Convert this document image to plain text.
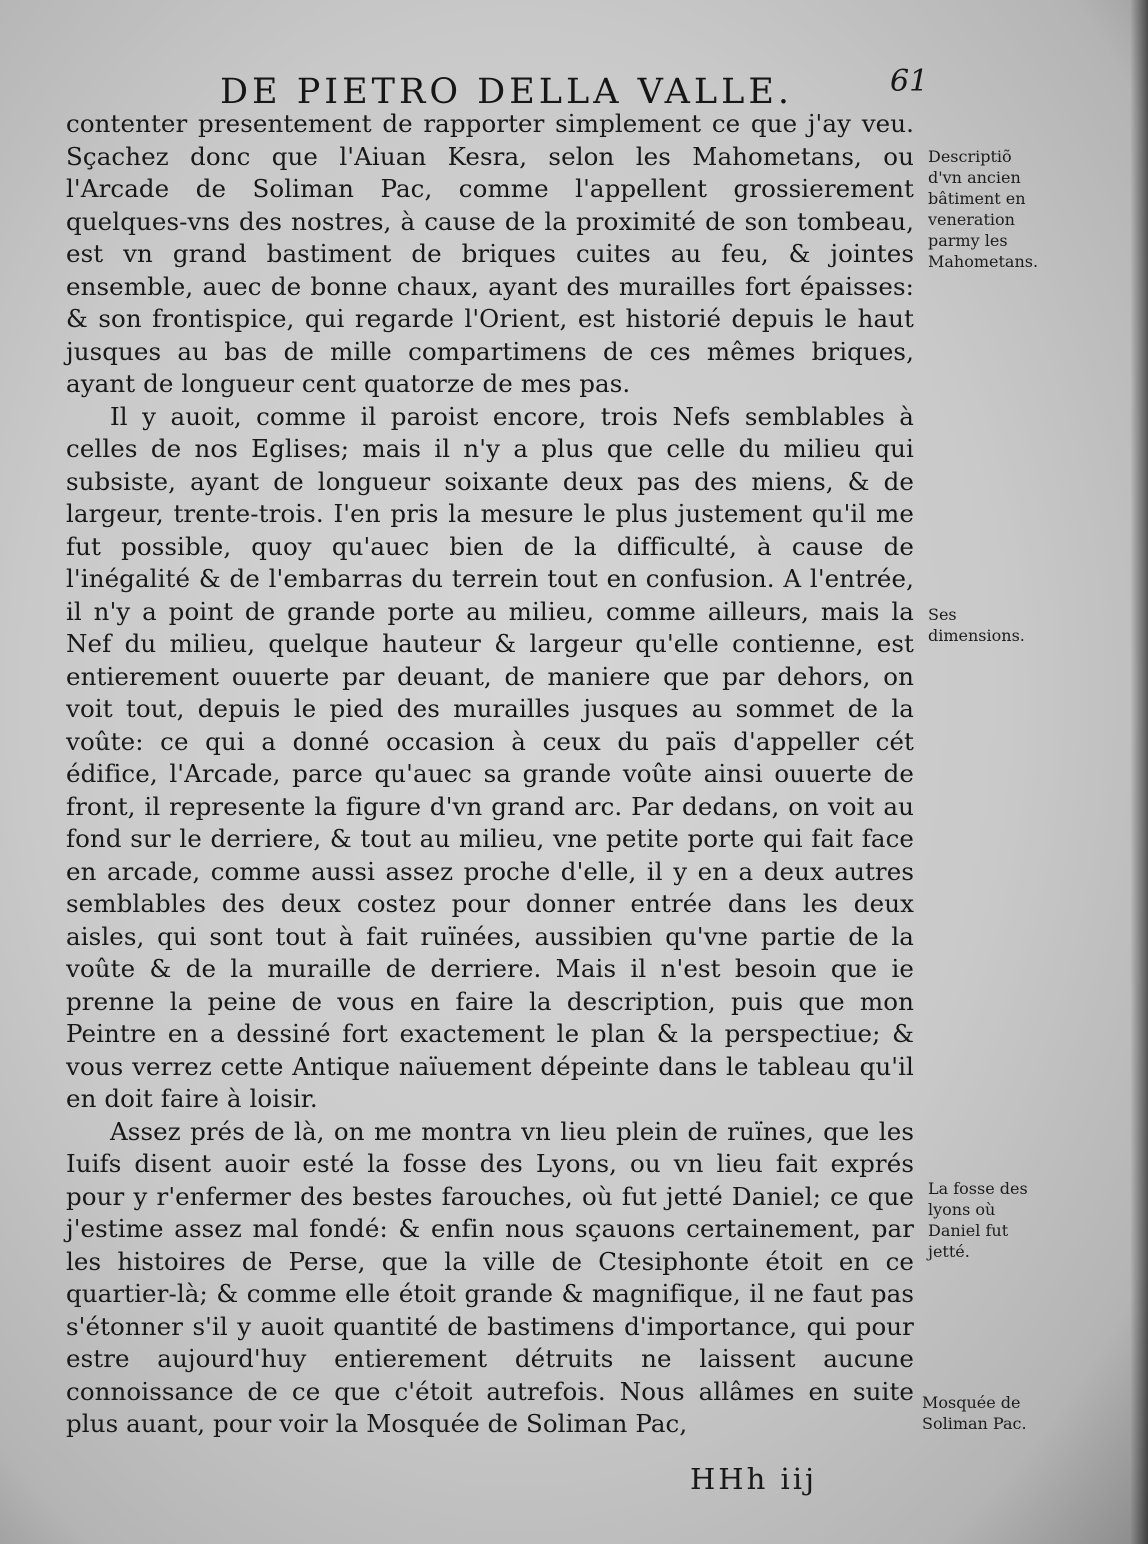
DE PIETRO DELLA VALLE.	61

contenter presentement de rapporter simplement ce que j'ay veu. Sçachez donc que l'Aiuan Kesra, selon les Mahometans, ou l'Arcade de Soliman Pac, comme l'appellent grossierement quelques-vns des nostres, à cause de la proximité de son tombeau, est vn grand bastiment de briques cuites au feu, & jointes ensemble, auec de bonne chaux, ayant des murailles fort épaisses: & son frontispice, qui regarde l'Orient, est historié depuis le haut jusques au bas de mille compartimens de ces mêmes briques, ayant de longueur cent quatorze de mes pas.

Il y auoit, comme il paroist encore, trois Nefs semblables à celles de nos Eglises; mais il n'y a plus que celle du milieu qui subsiste, ayant de longueur soixante deux pas des miens, & de largeur, trente-trois. I'en pris la mesure le plus justement qu'il me fut possible, quoy qu'auec bien de la difficulté, à cause de l'inégalité & de l'embarras du terrein tout en confusion. A l'entrée, il n'y a point de grande porte au milieu, comme ailleurs, mais la Nef du milieu, quelque hauteur & largeur qu'elle contienne, est entierement ouuerte par deuant, de maniere que par dehors, on voit tout, depuis le pied des murailles jusques au sommet de la voûte: ce qui a donné occasion à ceux du païs d'appeller cét édifice, l'Arcade, parce qu'auec sa grande voûte ainsi ouuerte de front, il represente la figure d'vn grand arc. Par dedans, on voit au fond sur le derriere, & tout au milieu, vne petite porte qui fait face en arcade, comme aussi assez proche d'elle, il y en a deux autres semblables des deux costez pour donner entrée dans les deux aisles, qui sont tout à fait ruïnées, aussibien qu'vne partie de la voûte & de la muraille de derriere. Mais il n'est besoin que ie prenne la peine de vous en faire la description, puis que mon Peintre en a dessiné fort exactement le plan & la perspectiue; & vous verrez cette Antique naïuement dépeinte dans le tableau qu'il en doit faire à loisir.

Assez prés de là, on me montra vn lieu plein de ruïnes, que les Iuifs disent auoir esté la fosse des Lyons, ou vn lieu fait exprés pour y r'enfermer des bestes farouches, où fut jetté Daniel; ce que j'estime assez mal fondé: & enfin nous sçauons certainement, par les histoires de Perse, que la ville de Ctesiphonte étoit en ce quartier-là; & comme elle étoit grande & magnifique, il ne faut pas s'étonner s'il y auoit quantité de bastimens d'importance, qui pour estre aujourd'huy entierement détruits ne laissent aucune connoissance de ce que c'étoit autrefois. Nous allâmes en suite plus auant, pour voir la Mosquée de Soliman Pac,

Descriptiõ d'vn ancien bâtiment en veneration parmy les Mahometans.
Ses dimensions.
La fosse des lyons où Daniel fut jetté.
Mosquée de Soliman Pac.
HHh iij
